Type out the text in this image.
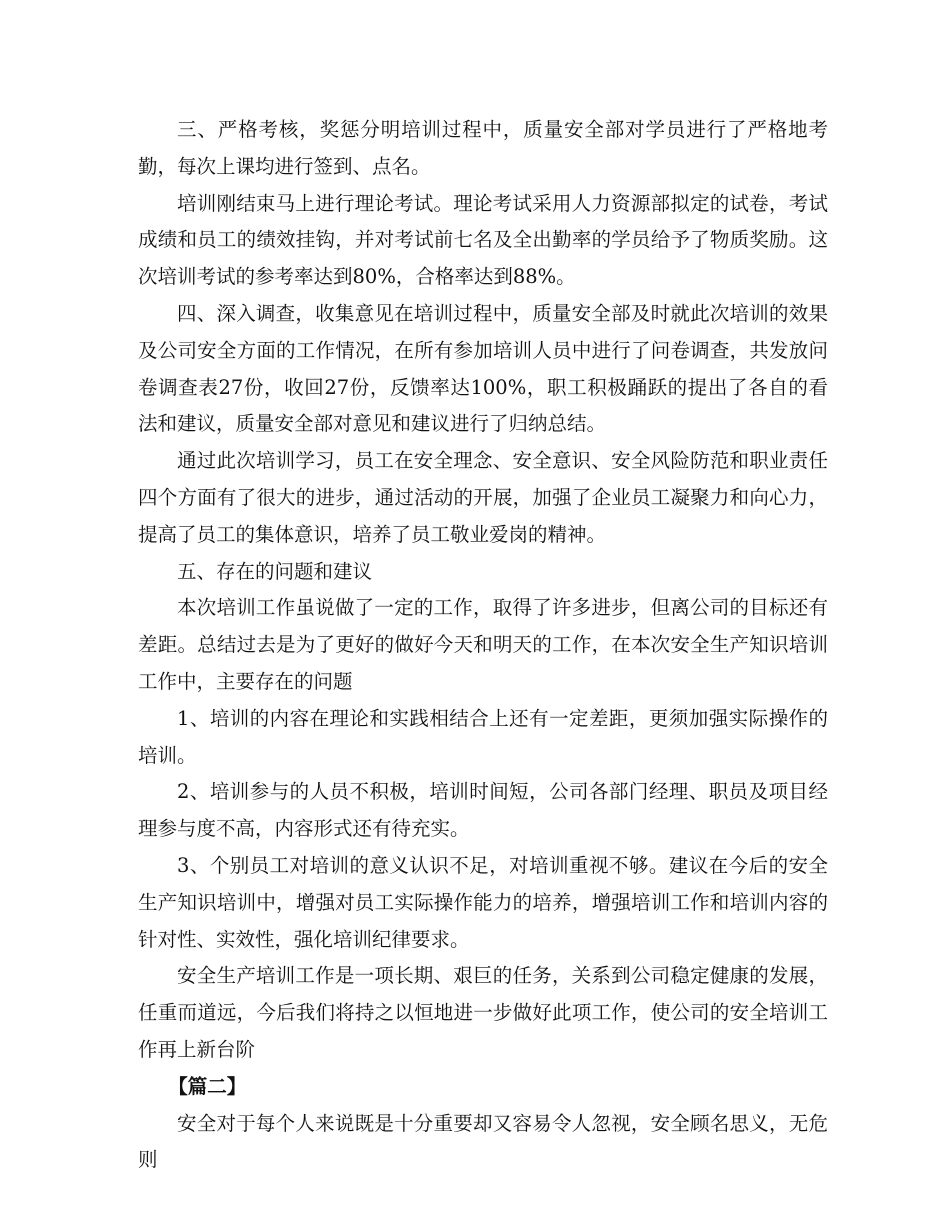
三、严格考核，奖惩分明培训过程中，质量安全部对学员进行了严格地考勤，每次上课均进行签到、点名。

培训刚结束马上进行理论考试。理论考试采用人力资源部拟定的试卷，考试成绩和员工的绩效挂钩，并对考试前七名及全出勤率的学员给予了物质奖励。这次培训考试的参考率达到80%，合格率达到88%。

四、深入调查，收集意见在培训过程中，质量安全部及时就此次培训的效果及公司安全方面的工作情况，在所有参加培训人员中进行了问卷调查，共发放问卷调查表27份，收回27份，反馈率达100%，职工积极踊跃的提出了各自的看法和建议，质量安全部对意见和建议进行了归纳总结。

通过此次培训学习，员工在安全理念、安全意识、安全风险防范和职业责任四个方面有了很大的进步，通过活动的开展，加强了企业员工凝聚力和向心力，提高了员工的集体意识，培养了员工敬业爱岗的精神。

五、存在的问题和建议

本次培训工作虽说做了一定的工作，取得了许多进步，但离公司的目标还有差距。总结过去是为了更好的做好今天和明天的工作，在本次安全生产知识培训工作中，主要存在的问题

1、培训的内容在理论和实践相结合上还有一定差距，更须加强实际操作的培训。

2、培训参与的人员不积极，培训时间短，公司各部门经理、职员及项目经理参与度不高，内容形式还有待充实。

3、个别员工对培训的意义认识不足，对培训重视不够。建议在今后的安全生产知识培训中，增强对员工实际操作能力的培养，增强培训工作和培训内容的针对性、实效性，强化培训纪律要求。

安全生产培训工作是一项长期、艰巨的任务，关系到公司稳定健康的发展，任重而道远，今后我们将持之以恒地进一步做好此项工作，使公司的安全培训工作再上新台阶

【篇二】

安全对于每个人来说既是十分重要却又容易令人忽视，安全顾名思义，无危则
